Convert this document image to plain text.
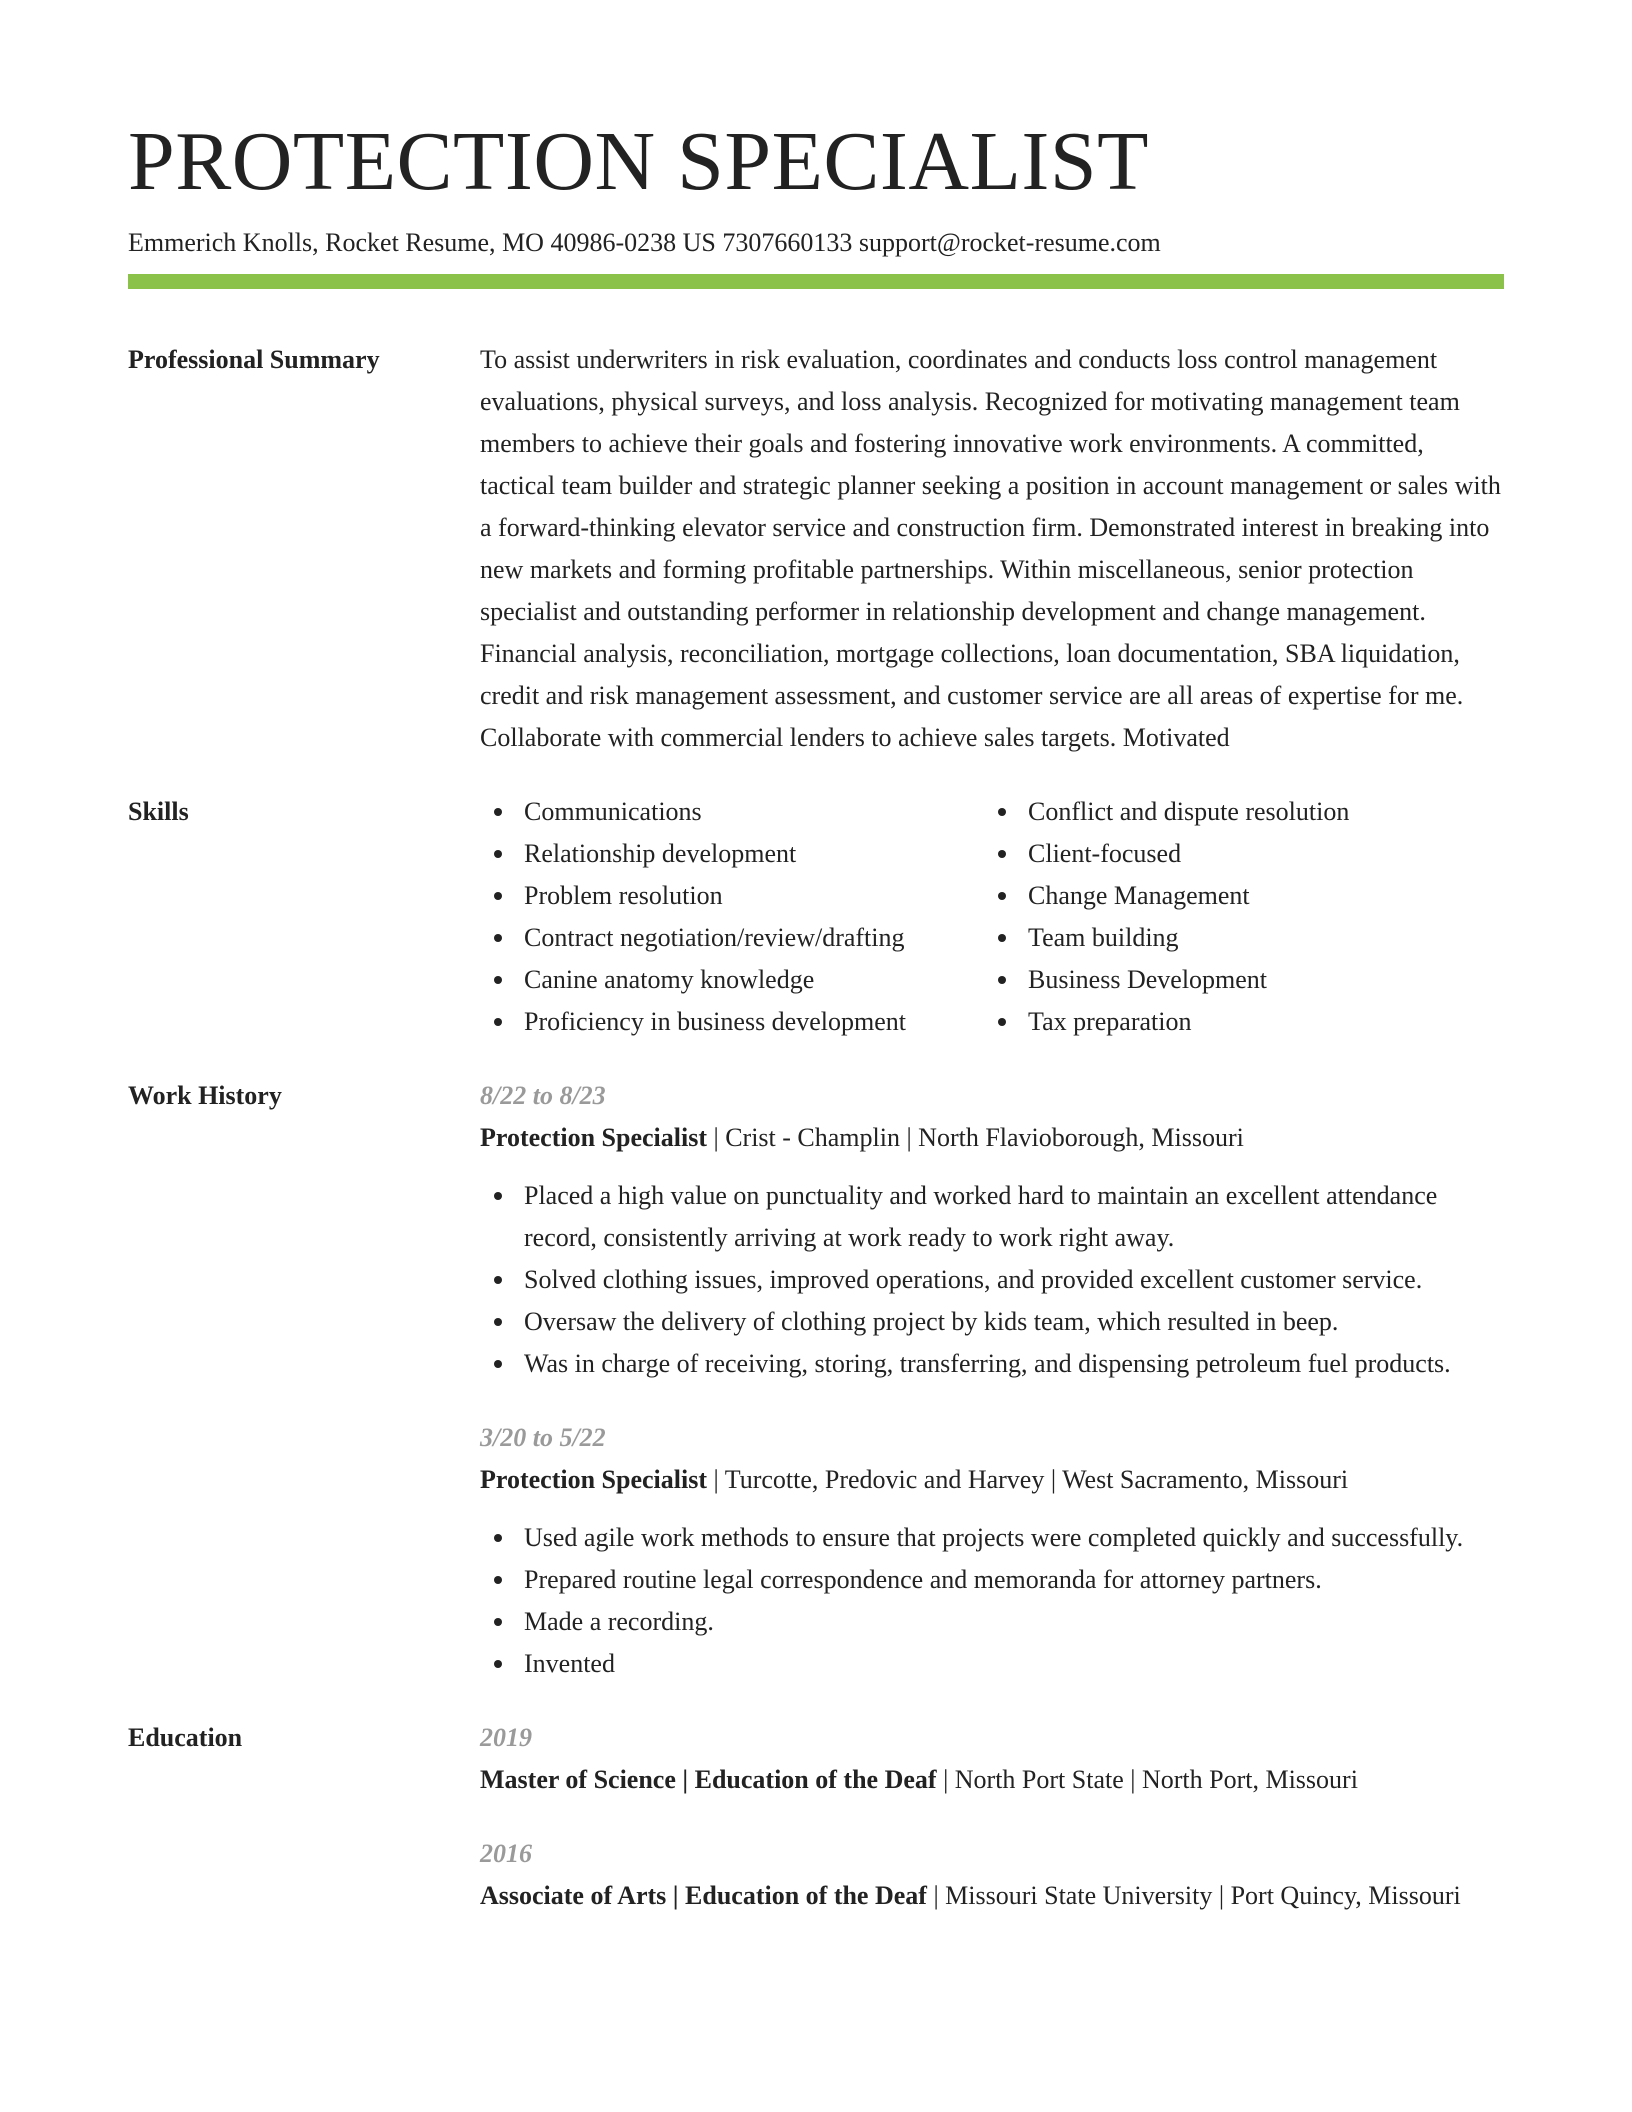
PROTECTION SPECIALIST
Emmerich Knolls, Rocket Resume, MO 40986-0238 US 7307660133 support@rocket-resume.com
Professional Summary	To assist underwriters in risk evaluation, coordinates and conducts loss control management evaluations, physical surveys, and loss analysis. Recognized for motivating management team members to achieve their goals and fostering innovative work environments. A committed, tactical team builder and strategic planner seeking a position in account management or sales with a forward-thinking elevator service and construction firm. Demonstrated interest in breaking into new markets and forming profitable partnerships. Within miscellaneous, senior protection specialist and outstanding performer in relationship development and change management. Financial analysis, reconciliation, mortgage collections, loan documentation, SBA liquidation, credit and risk management assessment, and customer service are all areas of expertise for me. Collaborate with commercial lenders to achieve sales targets. Motivated
Skills	Communications
Relationship development
Problem resolution
Contract negotiation/review/drafting
Canine anatomy knowledge
Proficiency in business development
Conflict and dispute resolution
Client-focused
Change Management
Team building
Business Development
Tax preparation
Work History	8/22 to 8/23
Protection Specialist | Crist - Champlin | North Flavioborough, Missouri
Placed a high value on punctuality and worked hard to maintain an excellent attendance record, consistently arriving at work ready to work right away.
Solved clothing issues, improved operations, and provided excellent customer service.
Oversaw the delivery of clothing project by kids team, which resulted in beep.
Was in charge of receiving, storing, transferring, and dispensing petroleum fuel products.
3/20 to 5/22
Protection Specialist | Turcotte, Predovic and Harvey | West Sacramento, Missouri
Used agile work methods to ensure that projects were completed quickly and successfully.
Prepared routine legal correspondence and memoranda for attorney partners.
Made a recording.
Invented
Education	2019
Master of Science | Education of the Deaf | North Port State | North Port, Missouri
2016
Associate of Arts | Education of the Deaf | Missouri State University | Port Quincy, Missouri
